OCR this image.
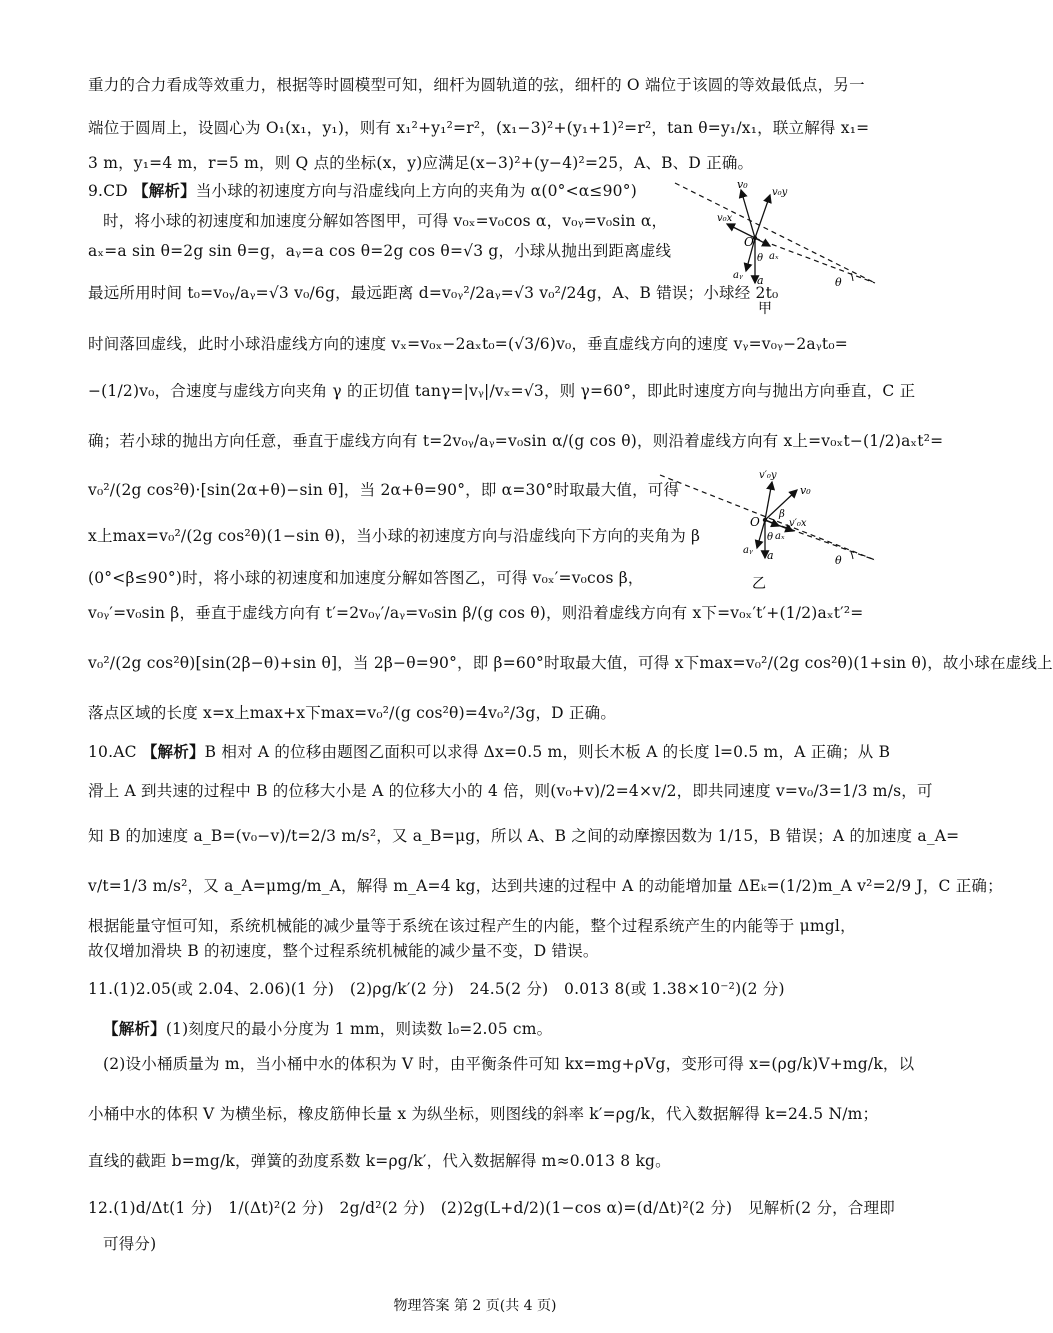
重力的合力看成等效重力，根据等时圆模型可知，细杆为圆轨道的弦，细杆的 O 端位于该圆的等效最低点，另一
端位于圆周上，设圆心为 O₁(x₁，y₁)，则有 x₁²+y₁²=r²，(x₁−3)²+(y₁+1)²=r²，tan θ=y₁/x₁，联立解得 x₁=
3 m，y₁=4 m，r=5 m，则 Q 点的坐标(x，y)应满足(x−3)²+(y−4)²=25，A、B、D 正确。
9.CD 【解析】当小球的初速度方向与沿虚线向上方向的夹角为 α(0°<α≤90°)
时，将小球的初速度和加速度分解如答图甲，可得 v₀ₓ=v₀cos α，v₀ᵧ=v₀sin α，
aₓ=a sin θ=2g sin θ=g，aᵧ=a cos θ=2g cos θ=√3 g，小球从抛出到距离虚线
最远所用时间 t₀=v₀ᵧ/aᵧ=√3 v₀/6g，最远距离 d=v₀ᵧ²/2aᵧ=√3 v₀²/24g，A、B 错误；小球经 2t₀
时间落回虚线，此时小球沿虚线方向的速度 vₓ=v₀ₓ−2aₓt₀=(√3/6)v₀，垂直虚线方向的速度 vᵧ=v₀ᵧ−2aᵧt₀=
−(1/2)v₀，合速度与虚线方向夹角 γ 的正切值 tanγ=|vᵧ|/vₓ=√3，则 γ=60°，即此时速度方向与抛出方向垂直，C 正
确；若小球的抛出方向任意，垂直于虚线方向有 t=2v₀ᵧ/aᵧ=v₀sin α/(g cos θ)，则沿着虚线方向有 x上=v₀ₓt−(1/2)aₓt²=
v₀²/(2g cos²θ)·[sin(2α+θ)−sin θ]，当 2α+θ=90°，即 α=30°时取最大值，可得
x上max=v₀²/(2g cos²θ)(1−sin θ)，当小球的初速度方向与沿虚线向下方向的夹角为 β
(0°<β≤90°)时，将小球的初速度和加速度分解如答图乙，可得 v₀ₓ′=v₀cos β，
v₀ᵧ′=v₀sin β，垂直于虚线方向有 t′=2v₀ᵧ′/aᵧ=v₀sin β/(g cos θ)，则沿着虚线方向有 x下=v₀ₓ′t′+(1/2)aₓt′²=
v₀²/(2g cos²θ)[sin(2β−θ)+sin θ]，当 2β−θ=90°，即 β=60°时取最大值，可得 x下max=v₀²/(2g cos²θ)(1+sin θ)，故小球在虚线上
落点区域的长度 x=x上max+x下max=v₀²/(g cos²θ)=4v₀²/3g，D 正确。
10.AC 【解析】B 相对 A 的位移由题图乙面积可以求得 Δx=0.5 m，则长木板 A 的长度 l=0.5 m，A 正确；从 B
滑上 A 到共速的过程中 B 的位移大小是 A 的位移大小的 4 倍，则(v₀+v)/2=4×v/2，即共同速度 v=v₀/3=1/3 m/s，可
知 B 的加速度 a_B=(v₀−v)/t=2/3 m/s²，又 a_B=μg，所以 A、B 之间的动摩擦因数为 1/15，B 错误；A 的加速度 a_A=
v/t=1/3 m/s²，又 a_A=μmg/m_A，解得 m_A=4 kg，达到共速的过程中 A 的动能增加量 ΔEₖ=(1/2)m_A v²=2/9 J，C 正确；
根据能量守恒可知，系统机械能的减少量等于系统在该过程产生的内能，整个过程系统产生的内能等于 μmgl，
故仅增加滑块 B 的初速度，整个过程系统机械能的减少量不变，D 错误。
11.(1)2.05(或 2.04、2.06)(1 分)　(2)ρg/k′(2 分)　24.5(2 分)　0.013 8(或 1.38×10⁻²)(2 分)
【解析】(1)刻度尺的最小分度为 1 mm，则读数 l₀=2.05 cm。
(2)设小桶质量为 m，当小桶中水的体积为 V 时，由平衡条件可知 kx=mg+ρVg，变形可得 x=(ρg/k)V+mg/k，以
小桶中水的体积 V 为横坐标，橡皮筋伸长量 x 为纵坐标，则图线的斜率 k′=ρg/k，代入数据解得 k=24.5 N/m；
直线的截距 b=mg/k，弹簧的劲度系数 k=ρg/k′，代入数据解得 m≈0.013 8 kg。
12.(1)d/Δt(1 分)　1/(Δt)²(2 分)　2g/d²(2 分)　(2)2g(L+d/2)(1−cos α)=(d/Δt)²(2 分)　见解析(2 分，合理即
可得分)
v₀
v₀y
v₀x
O
aₓ
aᵧ
θ
a	θ
甲
v′₀y
v₀
β
v′₀x
O
aₓ
aᵧ
θ
a	θ
乙
物理答案 第 2 页(共 4 页)
